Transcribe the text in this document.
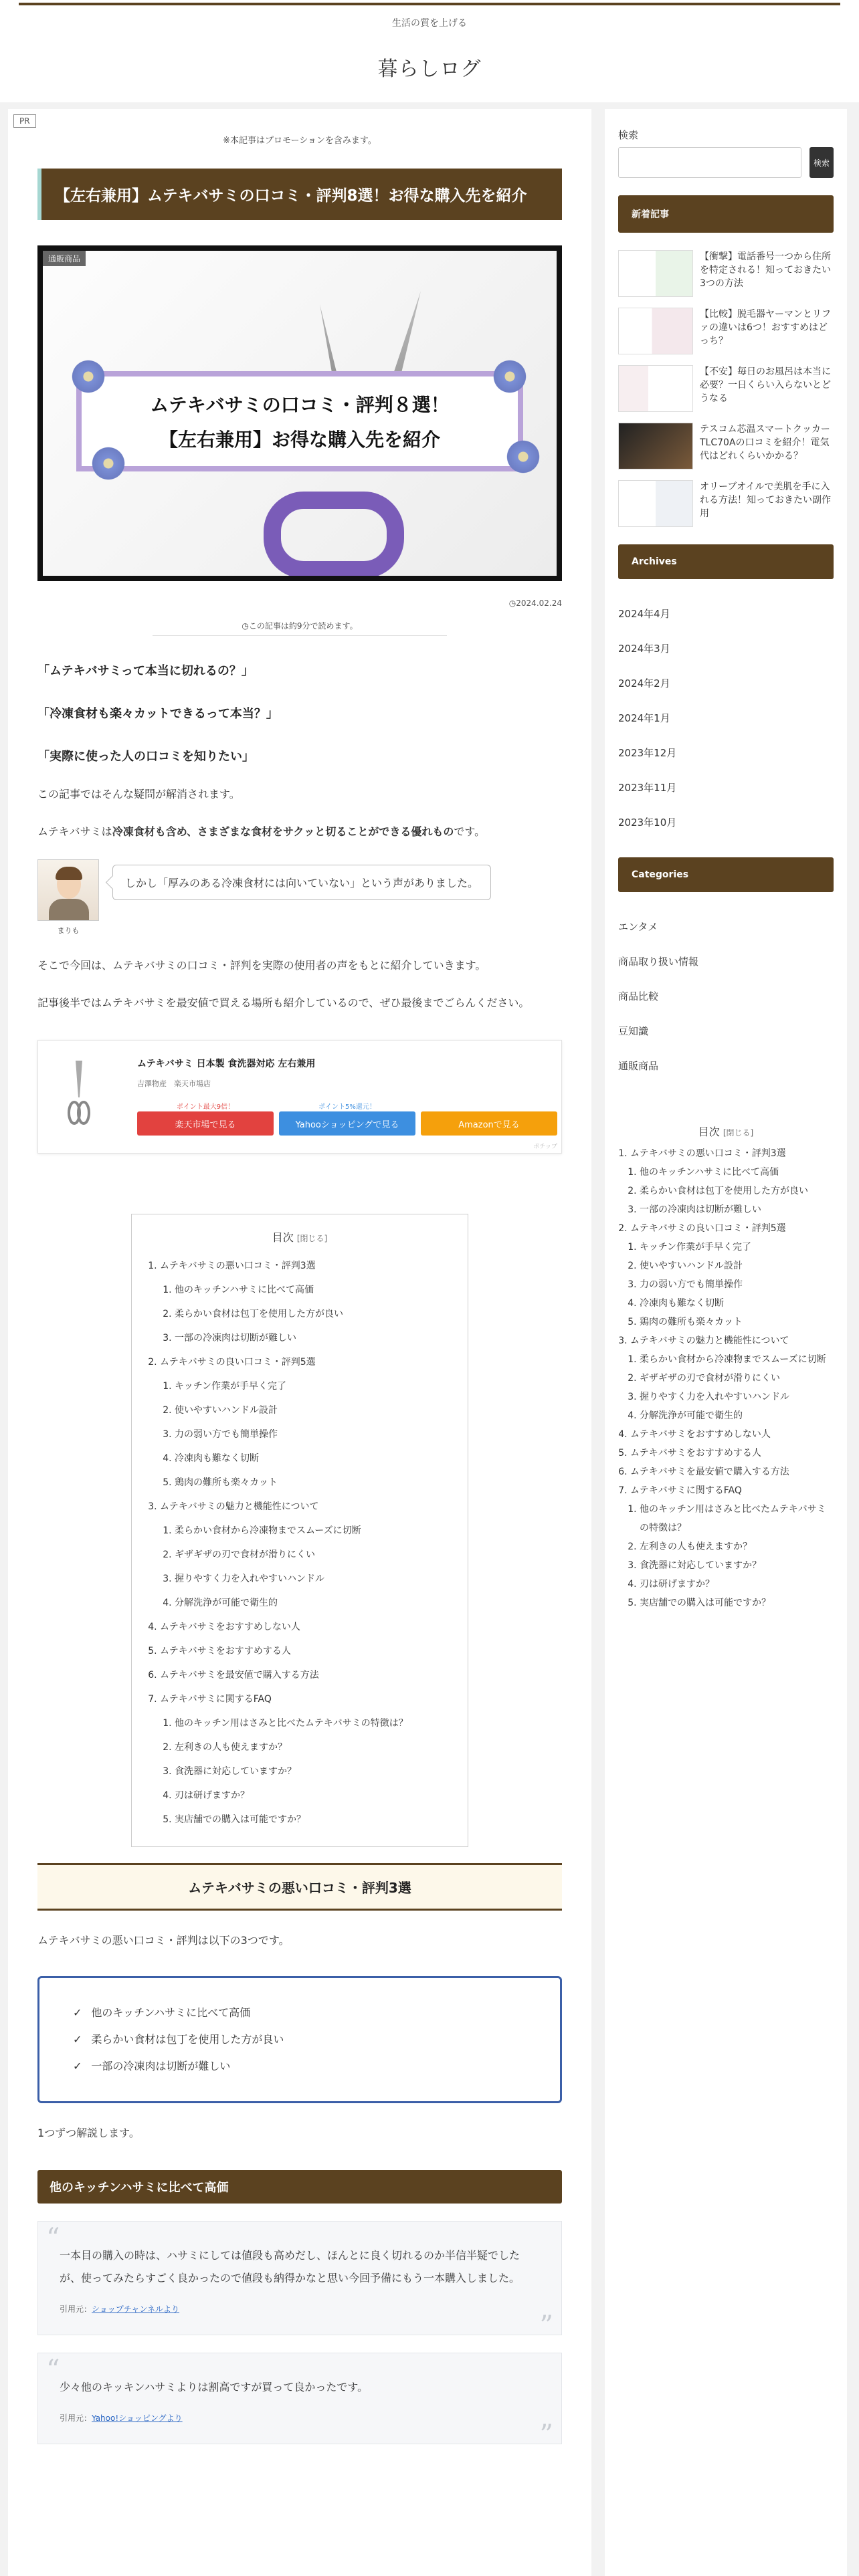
生活の質を上げる
暮らしログ
PR
※本記事はプロモーションを含みます。
【左右兼用】ムテキバサミの口コミ・評判8選！お得な購入先を紹介
通販商品
ムテキバサミの口コミ・評判８選！
【左右兼用】お得な購入先を紹介
◷2024.02.24
◷この記事は約9分で読めます。
「ムテキバサミって本当に切れるの？」
「冷凍食材も楽々カットできるって本当？」
「実際に使った人の口コミを知りたい」
この記事ではそんな疑問が解消されます。
ムテキバサミは冷凍食材も含め、さまざまな食材をサクッと切ることができる優れものです。
まりも
しかし「厚みのある冷凍食材には向いていない」という声がありました。
そこで今回は、ムテキバサミの口コミ・評判を実際の使用者の声をもとに紹介していきます。
記事後半ではムテキバサミを最安値で買える場所も紹介しているので、ぜひ最後までごらんください。
ムテキバサミ 日本製 食洗器対応 左右兼用
吉澤物産　楽天市場店
ポイント最大9倍！
楽天市場で見る
ポイント5%還元！
Yahooショッピングで見る	Amazonで見る
ポチップ
目次 [閉じる]
1. ムテキバサミの悪い口コミ・評判3選
1. 他のキッチンハサミに比べて高価
2. 柔らかい食材は包丁を使用した方が良い
3. 一部の冷凍肉は切断が難しい
2. ムテキバサミの良い口コミ・評判5選
1. キッチン作業が手早く完了
2. 使いやすいハンドル設計
3. 力の弱い方でも簡単操作
4. 冷凍肉も難なく切断
5. 鶏肉の難所も楽々カット
3. ムテキバサミの魅力と機能性について
1. 柔らかい食材から冷凍物までスムーズに切断
2. ギザギザの刃で食材が滑りにくい
3. 握りやすく力を入れやすいハンドル
4. 分解洗浄が可能で衛生的
4. ムテキバサミをおすすめしない人
5. ムテキバサミをおすすめする人
6. ムテキバサミを最安値で購入する方法
7. ムテキバサミに関するFAQ
1. 他のキッチン用はさみと比べたムテキバサミの特徴は？
2. 左利きの人も使えますか？
3. 食洗器に対応していますか？
4. 刃は研げますか？
5. 実店舗での購入は可能ですか？
ムテキバサミの悪い口コミ・評判3選
ムテキバサミの悪い口コミ・評判は以下の3つです。
✓ 他のキッチンハサミに比べて高価
✓ 柔らかい食材は包丁を使用した方が良い
✓ 一部の冷凍肉は切断が難しい
1つずつ解説します。
他のキッチンハサミに比べて高価
“
一本目の購入の時は、ハサミにしては値段も高めだし、ほんとに良く切れるのか半信半疑でしたが、使ってみたらすごく良かったので値段も納得かなと思い今回予備にもう一本購入しました。
引用元：ショップチャンネルより
”
“
少々他のキッキンハサミよりは割高ですが買って良かったです。
引用元：Yahoo!ショッピングより
”
検索
検索
新着記事
【衝撃】電話番号一つから住所を特定される！知っておきたい3つの方法
【比較】脱毛器ヤーマンとリファの違いは6つ！おすすめはどっち？
【不安】毎日のお風呂は本当に必要？一日くらい入らないとどうなる
テスコム芯温スマートクッカーTLC70Aの口コミを紹介！電気代はどれくらいかかる？
オリーブオイルで美肌を手に入れる方法！知っておきたい副作用
Archives
2024年4月
2024年3月
2024年2月
2024年1月
2023年12月
2023年11月
2023年10月
Categories
エンタメ
商品取り扱い情報
商品比較
豆知識
通販商品
目次 [閉じる]
1. ムテキバサミの悪い口コミ・評判3選
1. 他のキッチンハサミに比べて高価
2. 柔らかい食材は包丁を使用した方が良い
3. 一部の冷凍肉は切断が難しい
2. ムテキバサミの良い口コミ・評判5選
1. キッチン作業が手早く完了
2. 使いやすいハンドル設計
3. 力の弱い方でも簡単操作
4. 冷凍肉も難なく切断
5. 鶏肉の難所も楽々カット
3. ムテキバサミの魅力と機能性について
1. 柔らかい食材から冷凍物までスムーズに切断
2. ギザギザの刃で食材が滑りにくい
3. 握りやすく力を入れやすいハンドル
4. 分解洗浄が可能で衛生的
4. ムテキバサミをおすすめしない人
5. ムテキバサミをおすすめする人
6. ムテキバサミを最安値で購入する方法
7. ムテキバサミに関するFAQ
1. 他のキッチン用はさみと比べたムテキバサミの特徴は？
2. 左利きの人も使えますか？
3. 食洗器に対応していますか？
4. 刃は研げますか？
5. 実店舗での購入は可能ですか？
